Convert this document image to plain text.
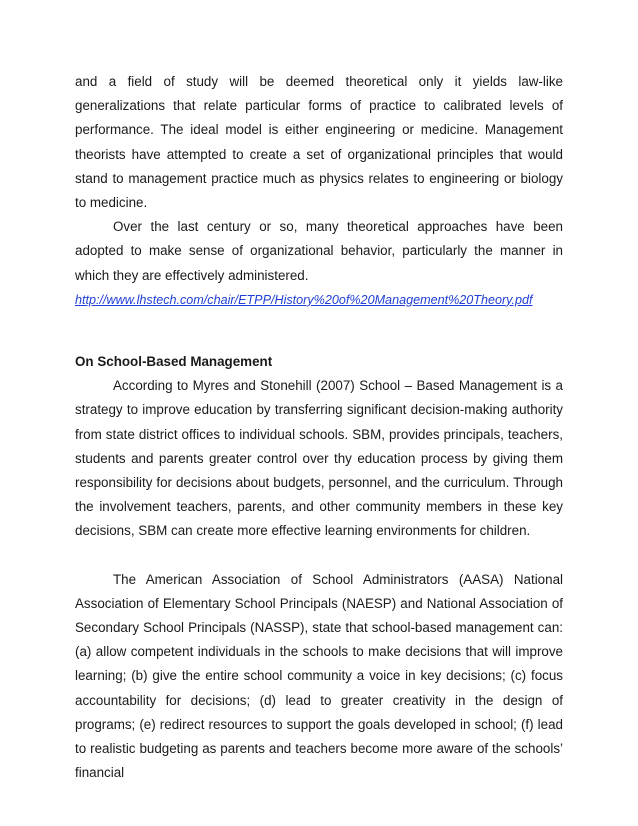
and a field of study will be deemed theoretical only it yields law-like generalizations that relate particular forms of practice to calibrated levels of performance. The ideal model is either engineering or medicine. Management theorists have attempted to create a set of organizational principles that would stand to management practice much as physics relates to engineering or biology to medicine.

Over the last century or so, many theoretical approaches have been adopted to make sense of organizational behavior, particularly the manner in which they are effectively administered.

http://www.lhstech.com/chair/ETPP/History%20of%20Management%20Theory.pdf
On School-Based Management

According to Myres and Stonehill (2007) School – Based Management is a strategy to improve education by transferring significant decision-making authority from state district offices to individual schools. SBM, provides principals, teachers, students and parents greater control over thy education process by giving them responsibility for decisions about budgets, personnel, and the curriculum. Through the involvement teachers, parents, and other community members in these key decisions, SBM can create more effective learning environments for children.

The American Association of School Administrators (AASA) National Association of Elementary School Principals (NAESP) and National Association of Secondary School Principals (NASSP), state that school-based management can: (a) allow competent individuals in the schools to make decisions that will improve learning; (b) give the entire school community a voice in key decisions; (c) focus accountability for decisions; (d) lead to greater creativity in the design of programs; (e) redirect resources to support the goals developed in school; (f) lead to realistic budgeting as parents and teachers become more aware of the schools’ financial
